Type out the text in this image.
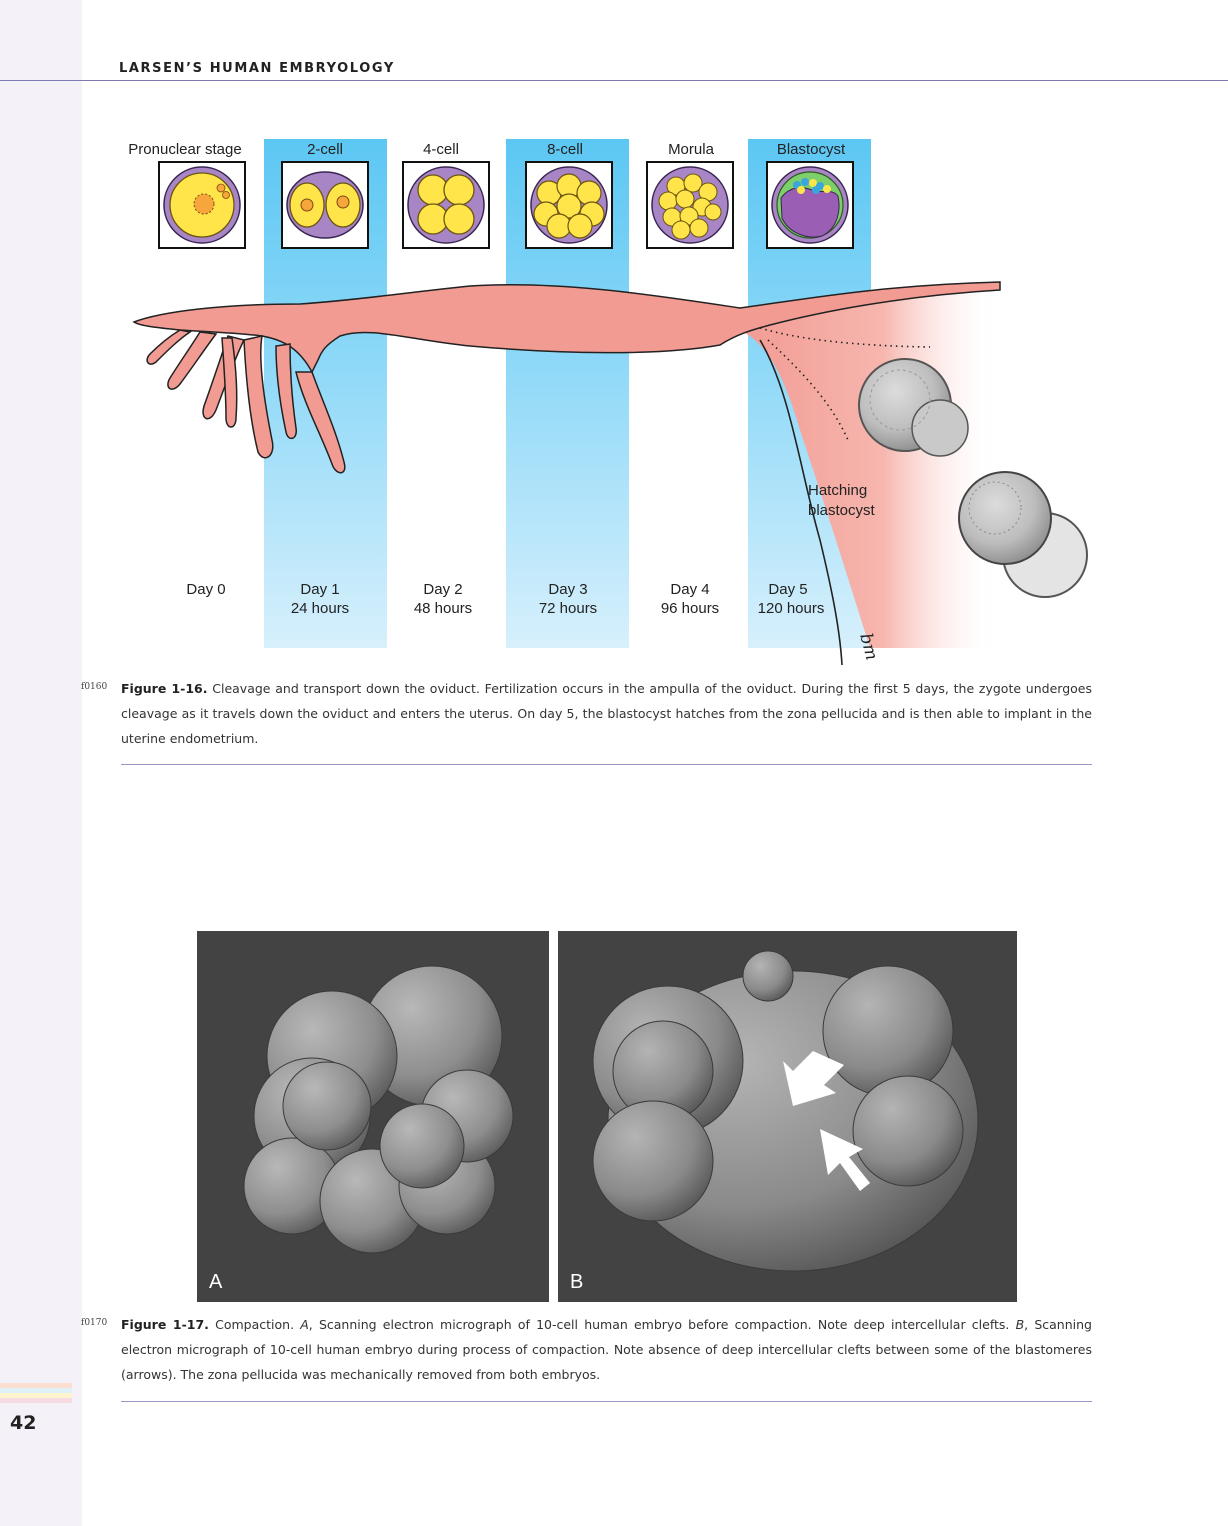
42
LARSEN’S HUMAN EMBRYOLOGY
Pronuclear stage	2-cell	4-cell	8-cell	Morula	Blastocyst
Hatching
blastocyst
Day 0	Day 1
24 hours
Day 2
48 hours
Day 3
72 hours
Day 4
96 hours
Day 5
120 hours
bm
f0160 Figure 1-16. Cleavage and transport down the oviduct. Fertilization occurs in the ampulla of the oviduct. During the first 5 days, the zygote undergoes cleavage as it travels down the oviduct and enters the uterus. On day 5, the blastocyst hatches from the zona pellucida and is then able to implant in the uterine endometrium.

A	B
f0170 Figure 1-17. Compaction. A, Scanning electron micrograph of 10-cell human embryo before compaction. Note deep intercellular clefts. B, Scanning electron micrograph of 10-cell human embryo during process of compaction. Note absence of deep intercellular clefts between some of the blastomeres (arrows). The zona pellucida was mechanically removed from both embryos.
